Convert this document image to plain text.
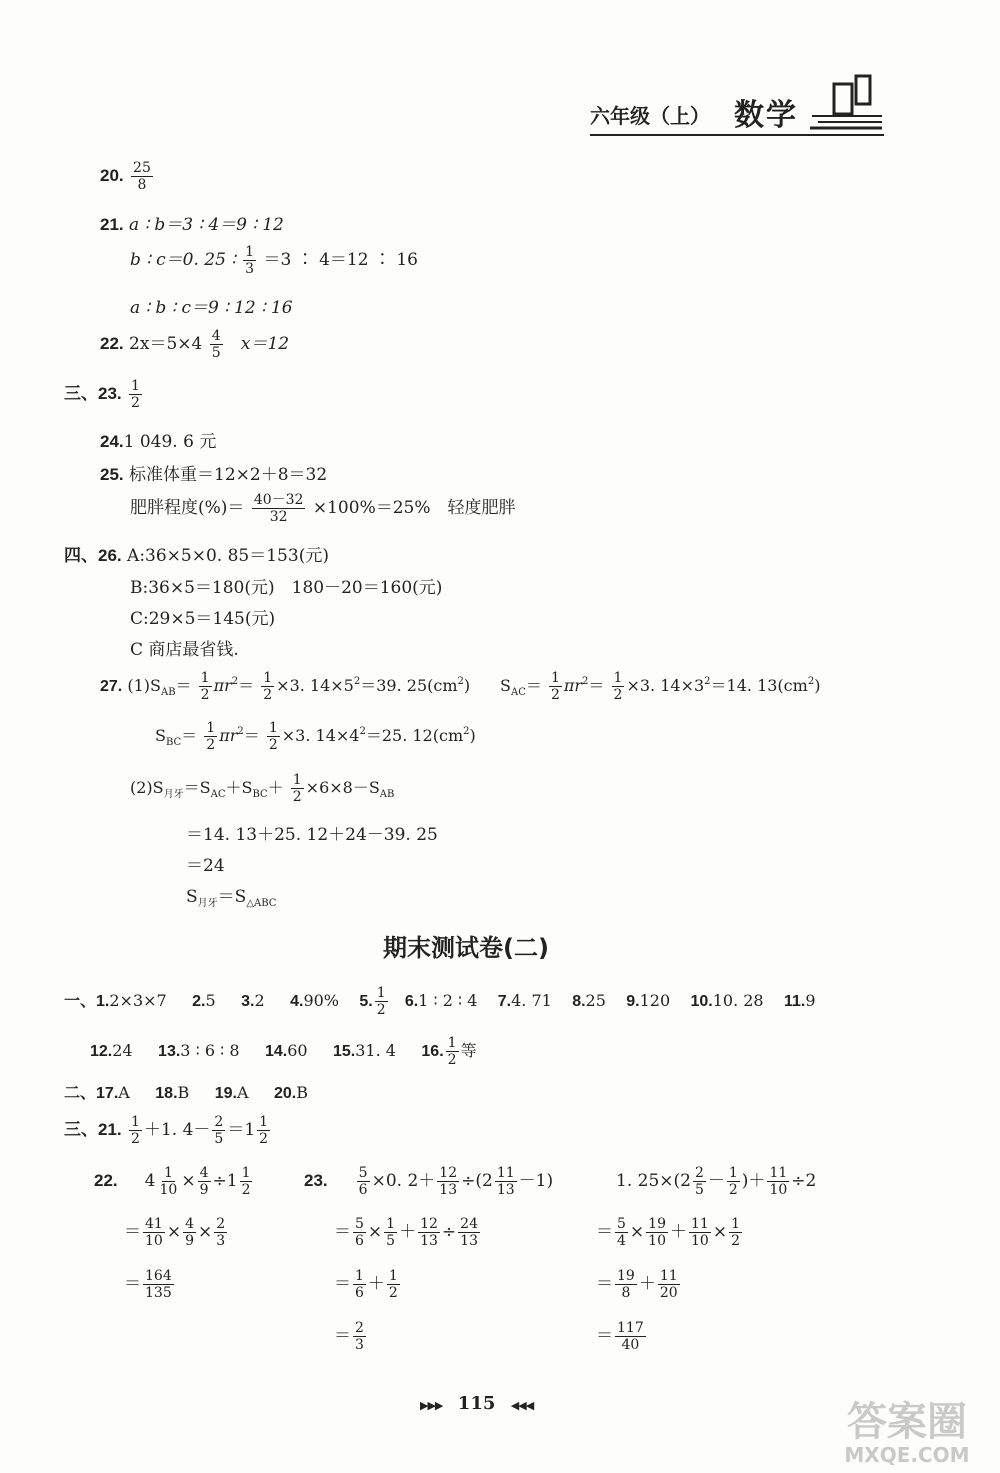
六年级（上） 数学
20. $\frac{25}{8}$
21. a ∶ b＝3 ∶ 4＝9 ∶ 12
b ∶ c＝0. 25 ∶ $\frac{1}{3} =3$ ∶ 4＝12 ∶ 16
a ∶ b ∶ c＝9 ∶ 12 ∶ 16
22. $2x=5\times 4 \frac{4}{5} x=12$
三、23. $\frac{1}{2}$
24.1 049. 6 元
25. 标准体重＝12×2＋8＝32
肥胖程度(%)＝ $\frac{40-32}{32} \times 100\%=25\%$　轻度肥胖
四、26. A:36×5×0. 85＝153(元)
B:36×5＝180(元)　180－20＝160(元)
C:29×5＝145(元)
C 商店最省钱.
27. $(1)S_{AB}= \frac{1}{2} \pi r^2= \frac{1}{2} \times 3$. $14\times 5^2=39$. $25(cm^2)$ $S_{AC}= \frac{1}{2} \pi r^2= \frac{1}{2} \times 3$. $14\times 3^2=14$. $13(cm^2)$
$S_{BC}= \frac{1}{2} \pi r^2= \frac{1}{2} \times 3$. $14\times 4^2=25$. $12(cm^2)$
$(2)S_{月牙}=S_{AC}+S_{BC}+ \frac{1}{2} \times 6\times 8-S_{AB}$
＝14. 13＋25. 12＋24－39. 25
＝24
$S_{月牙}=S_{\triangle ABC}$
期末测试卷(二)
一、1.2×3×7 2.5 3.2 4.90% 5. $\frac{1}{2} 6.1$ ∶ 2 ∶ 4 7.4. 71 8.25 9.120 10.10. 28 11.9
12.24 13.3 ∶ 6 ∶ 8 14.60 15.31. 4 16. $\frac{1}{2}$ 等
二、17.A 18.B 19.A 20.B
三、21. $\frac{1}{2} +1$. $4- \frac{2}{5} =1 \frac{1}{2}$
22. $4 \frac{1}{10} \times \frac{4}{9} \div 1 \frac{1}{2}$
＝ $\frac{41}{10} \times \frac{4}{9} \times \frac{2}{3}$
＝ $\frac{164}{135}$
23. $\frac{5}{6} \times 0$. $2+ \frac{12}{13} \div(2 \frac{11}{13} -1)$
＝ $\frac{5}{6} \times \frac{1}{5} + \frac{12}{13} \div \frac{24}{13}$
＝ $\frac{1}{6} + \frac{1}{2}$
＝ $\frac{2}{3}$
1. $25\times(2 \frac{2}{5} - \frac{1}{2}$ )＋ $\frac{11}{10} \div 2$
＝ $\frac{5}{4} \times \frac{19}{10} + \frac{11}{10} \times \frac{1}{2}$
＝ $\frac{19}{8} + \frac{11}{20}$
＝ $\frac{117}{40}$
▶▶▶ 115 ◀◀◀	答案圈
MXQE.COM
